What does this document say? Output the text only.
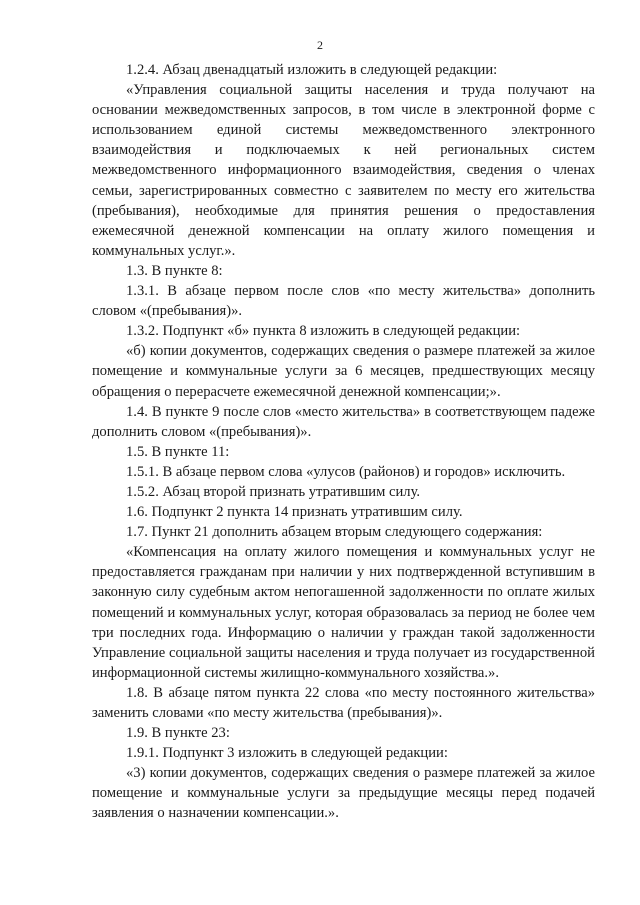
2

1.2.4. Абзац двенадцатый изложить в следующей редакции:

«Управления социальной защиты населения и труда получают на основании межведомственных запросов, в том числе в электронной форме с использованием единой системы межведомственного электронного взаимодействия и подключаемых к ней региональных систем межведомственного информационного взаимодействия, сведения о членах семьи, зарегистрированных совместно с заявителем по месту его жительства (пребывания), необходимые для принятия решения о предоставления ежемесячной денежной компенсации на оплату жилого помещения и коммунальных услуг.».

1.3. В пункте 8:

1.3.1. В абзаце первом после слов «по месту жительства» дополнить словом «(пребывания)».

1.3.2. Подпункт «б» пункта 8 изложить в следующей редакции:

«б) копии документов, содержащих сведения о размере платежей за жилое помещение и коммунальные услуги за 6 месяцев, предшествующих месяцу обращения о перерасчете ежемесячной денежной компенсации;».

1.4. В пункте 9 после слов «место жительства» в соответствующем падеже дополнить словом «(пребывания)».

1.5. В пункте 11:

1.5.1. В абзаце первом слова «улусов (районов) и городов» исключить.

1.5.2. Абзац второй признать утратившим силу.

1.6. Подпункт 2 пункта 14 признать утратившим силу.

1.7. Пункт 21 дополнить абзацем вторым следующего содержания:

«Компенсация на оплату жилого помещения и коммунальных услуг не предоставляется гражданам при наличии у них подтвержденной вступившим в законную силу судебным актом непогашенной задолженности по оплате жилых помещений и коммунальных услуг, которая образовалась за период не более чем три последних года. Информацию о наличии у граждан такой задолженности Управление социальной защиты населения и труда получает из государственной информационной системы жилищно-коммунального хозяйства.».

1.8. В абзаце пятом пункта 22 слова «по месту постоянного жительства» заменить словами «по месту жительства (пребывания)».

1.9. В пункте 23:

1.9.1. Подпункт 3 изложить в следующей редакции:

«3) копии документов, содержащих сведения о размере платежей за жилое помещение и коммунальные услуги за предыдущие месяцы перед подачей заявления о назначении компенсации.».
